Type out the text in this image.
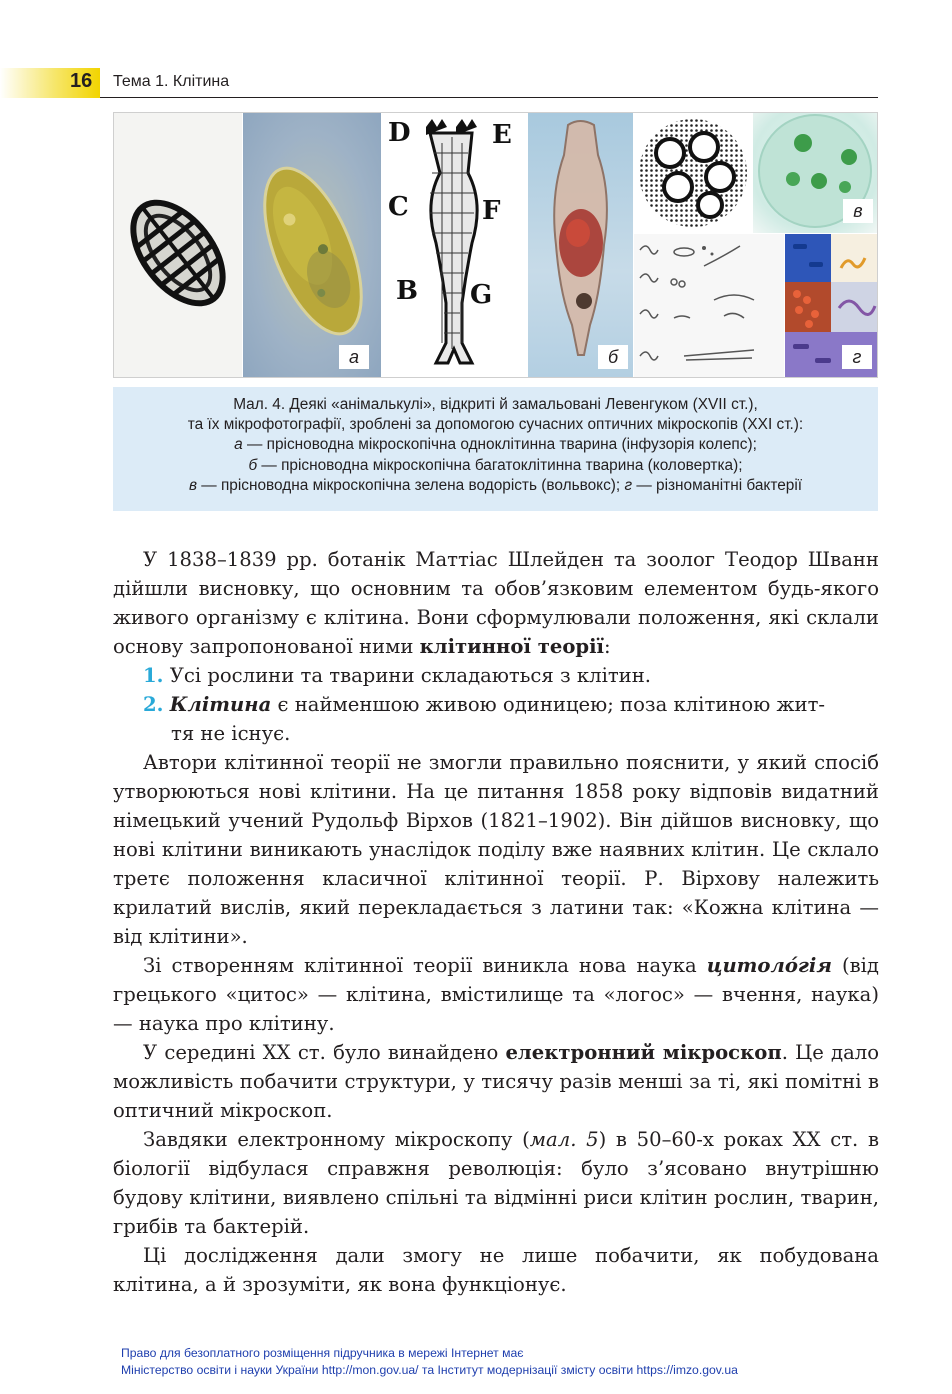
16 Тема 1. Клітина
а
D	E
C	F
B G
б
в
г
Мал. 4. Деякі «анімалькулі», відкриті й замальовані Левенгуком (XVII ст.),
та їх мікрофотографії, зроблені за допомогою сучасних оптичних мікроскопів (XXI ст.):
а — прісноводна мікроскопічна одноклітинна тварина (інфузорія колепс);
б — прісноводна мікроскопічна багатоклітинна тварина (коловертка);
в — прісноводна мікроскопічна зелена водорість (вольвокс); г — різноманітні бактерії

У 1838–1839 рр. ботанік Маттіас Шлейден та зоолог Теодор Шванн дійшли висновку, що основним та обов’язковим елементом будь-якого живого організму є клітина. Вони сформулювали положення, які склали основу запропонованої ними клітинної теорії:

1. Усі рослини та тварини складаються з клітин.

2. Клітина є найменшою живою одиницею; поза клітиною жит-

тя не існує.

Автори клітинної теорії не змогли правильно пояснити, у який спосіб утворюються нові клітини. На це питання 1858 року відповів видатний німецький учений Рудольф Вірхов (1821–1902). Він дійшов висновку, що нові клітини виникають унаслідок поділу вже наявних клітин. Це склало третє положення класичної клітинної теорії. Р. Вірхову належить крилатий вислів, який перекладається з латини так: «Кожна клітина — від клітини».

Зі створенням клітинної теорії виникла нова наука цитоло́гія (від грецького «цитос» — клітина, вмістилище та «логос» — вчення, наука) — наука про клітину.

У середині XX ст. було винайдено електронний мікроскоп. Це дало можливість побачити структури, у тисячу разів менші за ті, які помітні в оптичний мікроскоп.

Завдяки електронному мікроскопу (мал. 5) в 50–60-х роках XX ст. в біології відбулася справжня революція: було з’ясовано внутрішню будову клітини, виявлено спільні та відмінні риси клітин рослин, тварин, грибів та бактерій.

Ці дослідження дали змогу не лише побачити, як побудована клітина, а й зрозуміти, як вона функціонує.

Право для безоплатного розміщення підручника в мережі Інтернет має
Міністерство освіти і науки України http://mon.gov.ua/ та Інститут модернізації змісту освіти https://imzo.gov.ua
